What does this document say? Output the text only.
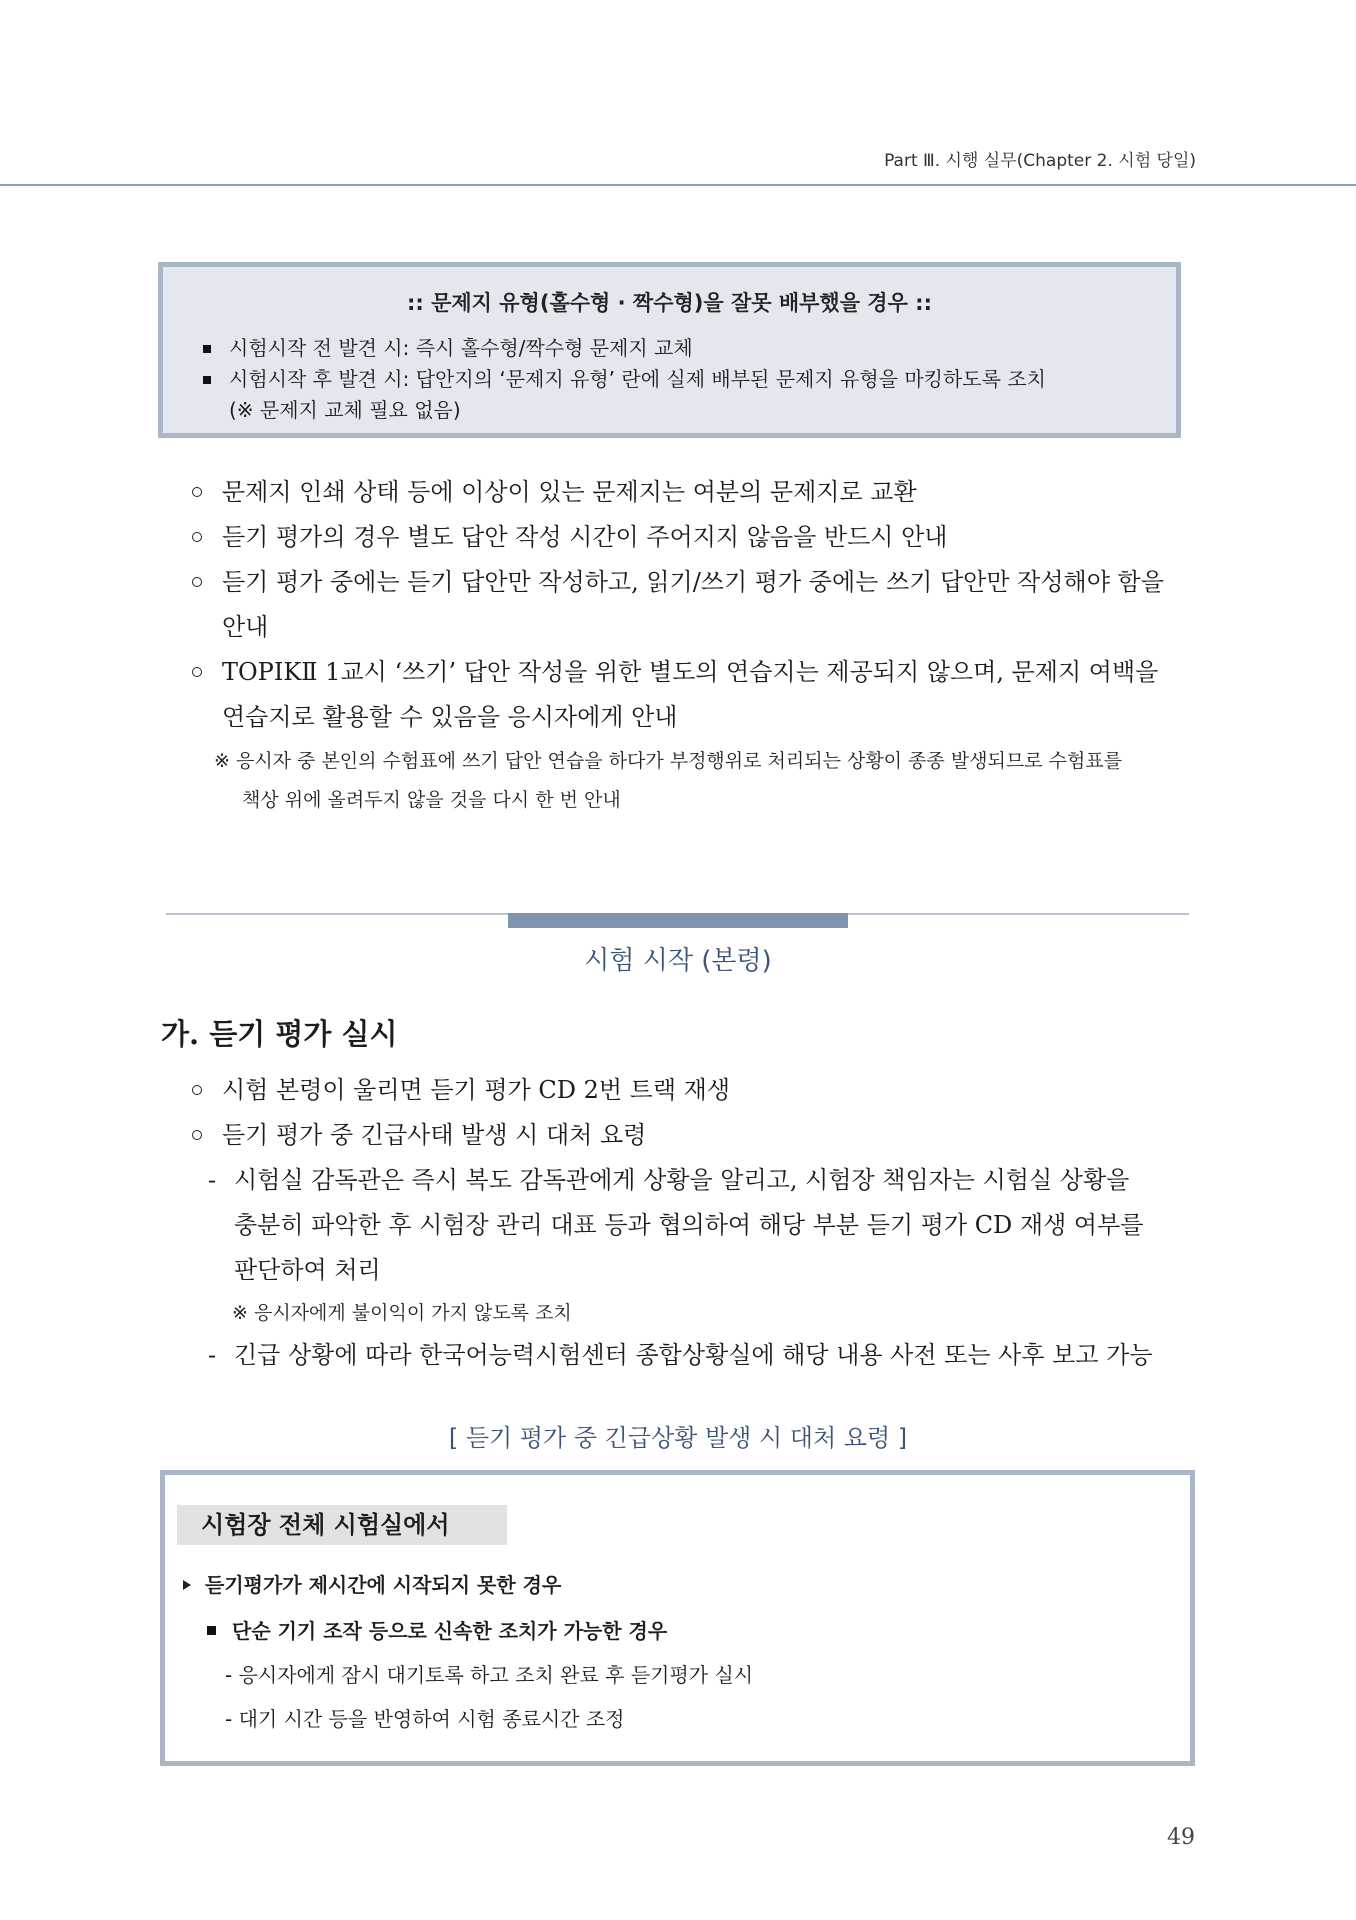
Part Ⅲ. 시행 실무(Chapter 2. 시험 당일)
:: 문제지 유형(홀수형 · 짝수형)을 잘못 배부했을 경우 ::
시험시작 전 발견 시: 즉시 홀수형/짝수형 문제지 교체
시험시작 후 발견 시: 답안지의 ‘문제지 유형’ 란에 실제 배부된 문제지 유형을 마킹하도록 조치
(※ 문제지 교체 필요 없음)
문제지 인쇄 상태 등에 이상이 있는 문제지는 여분의 문제지로 교환
듣기 평가의 경우 별도 답안 작성 시간이 주어지지 않음을 반드시 안내
듣기 평가 중에는 듣기 답안만 작성하고, 읽기/쓰기 평가 중에는 쓰기 답안만 작성해야 함을
안내
TOPIKⅡ 1교시 ‘쓰기’ 답안 작성을 위한 별도의 연습지는 제공되지 않으며, 문제지 여백을
연습지로 활용할 수 있음을 응시자에게 안내
※ 응시자 중 본인의 수험표에 쓰기 답안 연습을 하다가 부정행위로 처리되는 상황이 종종 발생되므로 수험표를
책상 위에 올려두지 않을 것을 다시 한 번 안내
시험 시작 (본령)
가. 듣기 평가 실시
시험 본령이 울리면 듣기 평가 CD 2번 트랙 재생
듣기 평가 중 긴급사태 발생 시 대처 요령
- 시험실 감독관은 즉시 복도 감독관에게 상황을 알리고, 시험장 책임자는 시험실 상황을
충분히 파악한 후 시험장 관리 대표 등과 협의하여 해당 부분 듣기 평가 CD 재생 여부를
판단하여 처리
※ 응시자에게 불이익이 가지 않도록 조치
- 긴급 상황에 따라 한국어능력시험센터 종합상황실에 해당 내용 사전 또는 사후 보고 가능
[ 듣기 평가 중 긴급상황 발생 시 대처 요령 ]
시험장 전체 시험실에서
듣기평가가 제시간에 시작되지 못한 경우
단순 기기 조작 등으로 신속한 조치가 가능한 경우
- 응시자에게 잠시 대기토록 하고 조치 완료 후 듣기평가 실시
- 대기 시간 등을 반영하여 시험 종료시간 조정
49
